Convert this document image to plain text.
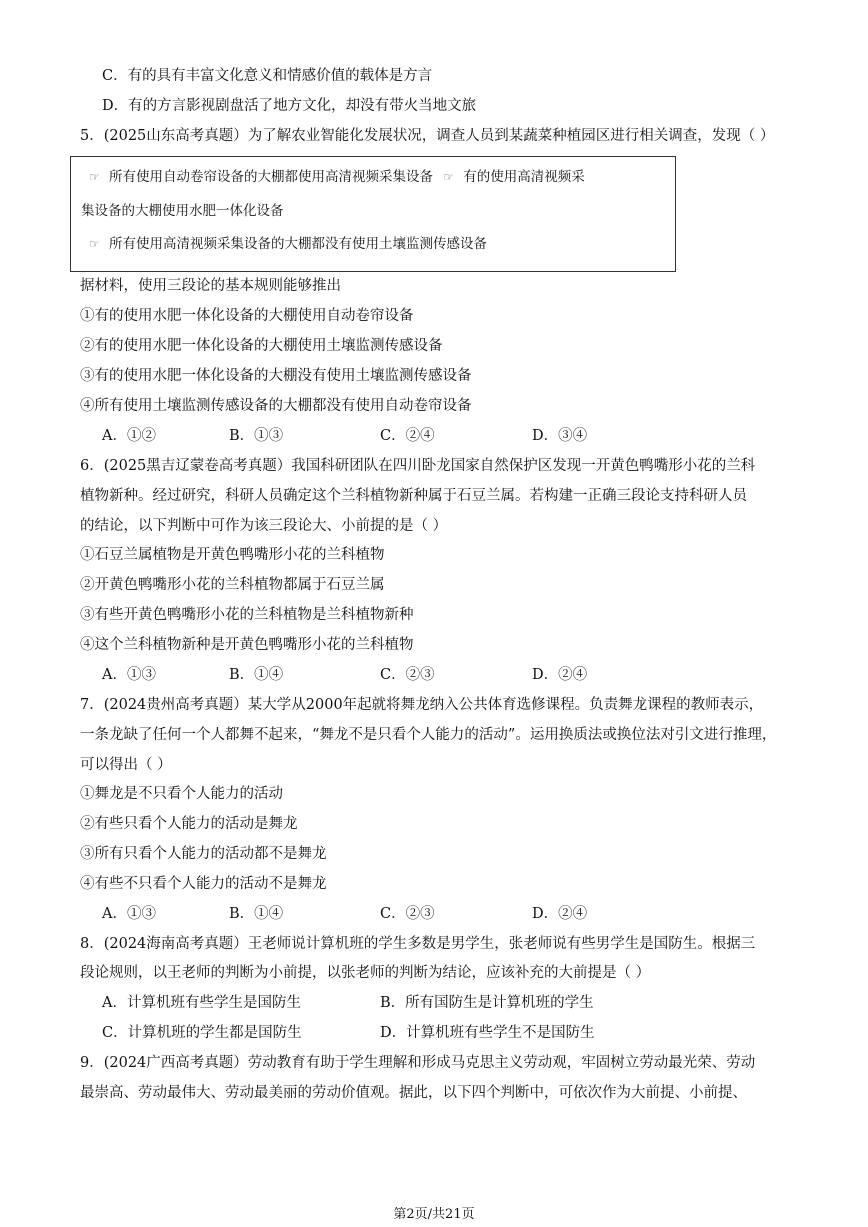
C．有的具有丰富文化意义和情感价值的载体是方言
D．有的方言影视剧盘活了地方文化，却没有带火当地文旅
5．(2025山东高考真题）为了解农业智能化发展状况，调查人员到某蔬菜种植园区进行相关调查，发现（ ）
☞ 所有使用自动卷帘设备的大棚都使用高清视频采集设备 ☞ 有的使用高清视频采
集设备的大棚使用水肥一体化设备
☞ 所有使用高清视频采集设备的大棚都没有使用土壤监测传感设备
据材料，使用三段论的基本规则能够推出
①有的使用水肥一体化设备的大棚使用自动卷帘设备
②有的使用水肥一体化设备的大棚使用土壤监测传感设备
③有的使用水肥一体化设备的大棚没有使用土壤监测传感设备
④所有使用土壤监测传感设备的大棚都没有使用自动卷帘设备
A．①②	B．①③	C．②④	D．③④
6．(2025黑吉辽蒙卷高考真题）我国科研团队在四川卧龙国家自然保护区发现一开黄色鸭嘴形小花的兰科
植物新种。经过研究，科研人员确定这个兰科植物新种属于石豆兰属。若构建一正确三段论支持科研人员
的结论，以下判断中可作为该三段论大、小前提的是（ ）
①石豆兰属植物是开黄色鸭嘴形小花的兰科植物
②开黄色鸭嘴形小花的兰科植物都属于石豆兰属
③有些开黄色鸭嘴形小花的兰科植物是兰科植物新种
④这个兰科植物新种是开黄色鸭嘴形小花的兰科植物
A．①③	B．①④	C．②③	D．②④
7．(2024贵州高考真题）某大学从2000年起就将舞龙纳入公共体育选修课程。负责舞龙课程的教师表示，
一条龙缺了任何一个人都舞不起来，“舞龙不是只看个人能力的活动”。运用换质法或换位法对引文进行推理，
可以得出（ ）
①舞龙是不只看个人能力的活动
②有些只看个人能力的活动是舞龙
③所有只看个人能力的活动都不是舞龙
④有些不只看个人能力的活动不是舞龙
A．①③	B．①④	C．②③	D．②④
8．(2024海南高考真题）王老师说计算机班的学生多数是男学生，张老师说有些男学生是国防生。根据三
段论规则，以王老师的判断为小前提，以张老师的判断为结论，应该补充的大前提是（ ）
A．计算机班有些学生是国防生	B．所有国防生是计算机班的学生
C．计算机班的学生都是国防生	D．计算机班有些学生不是国防生
9．(2024广西高考真题）劳动教育有助于学生理解和形成马克思主义劳动观，牢固树立劳动最光荣、劳动
最崇高、劳动最伟大、劳动最美丽的劳动价值观。据此，以下四个判断中，可依次作为大前提、小前提、
第2页/共21页
